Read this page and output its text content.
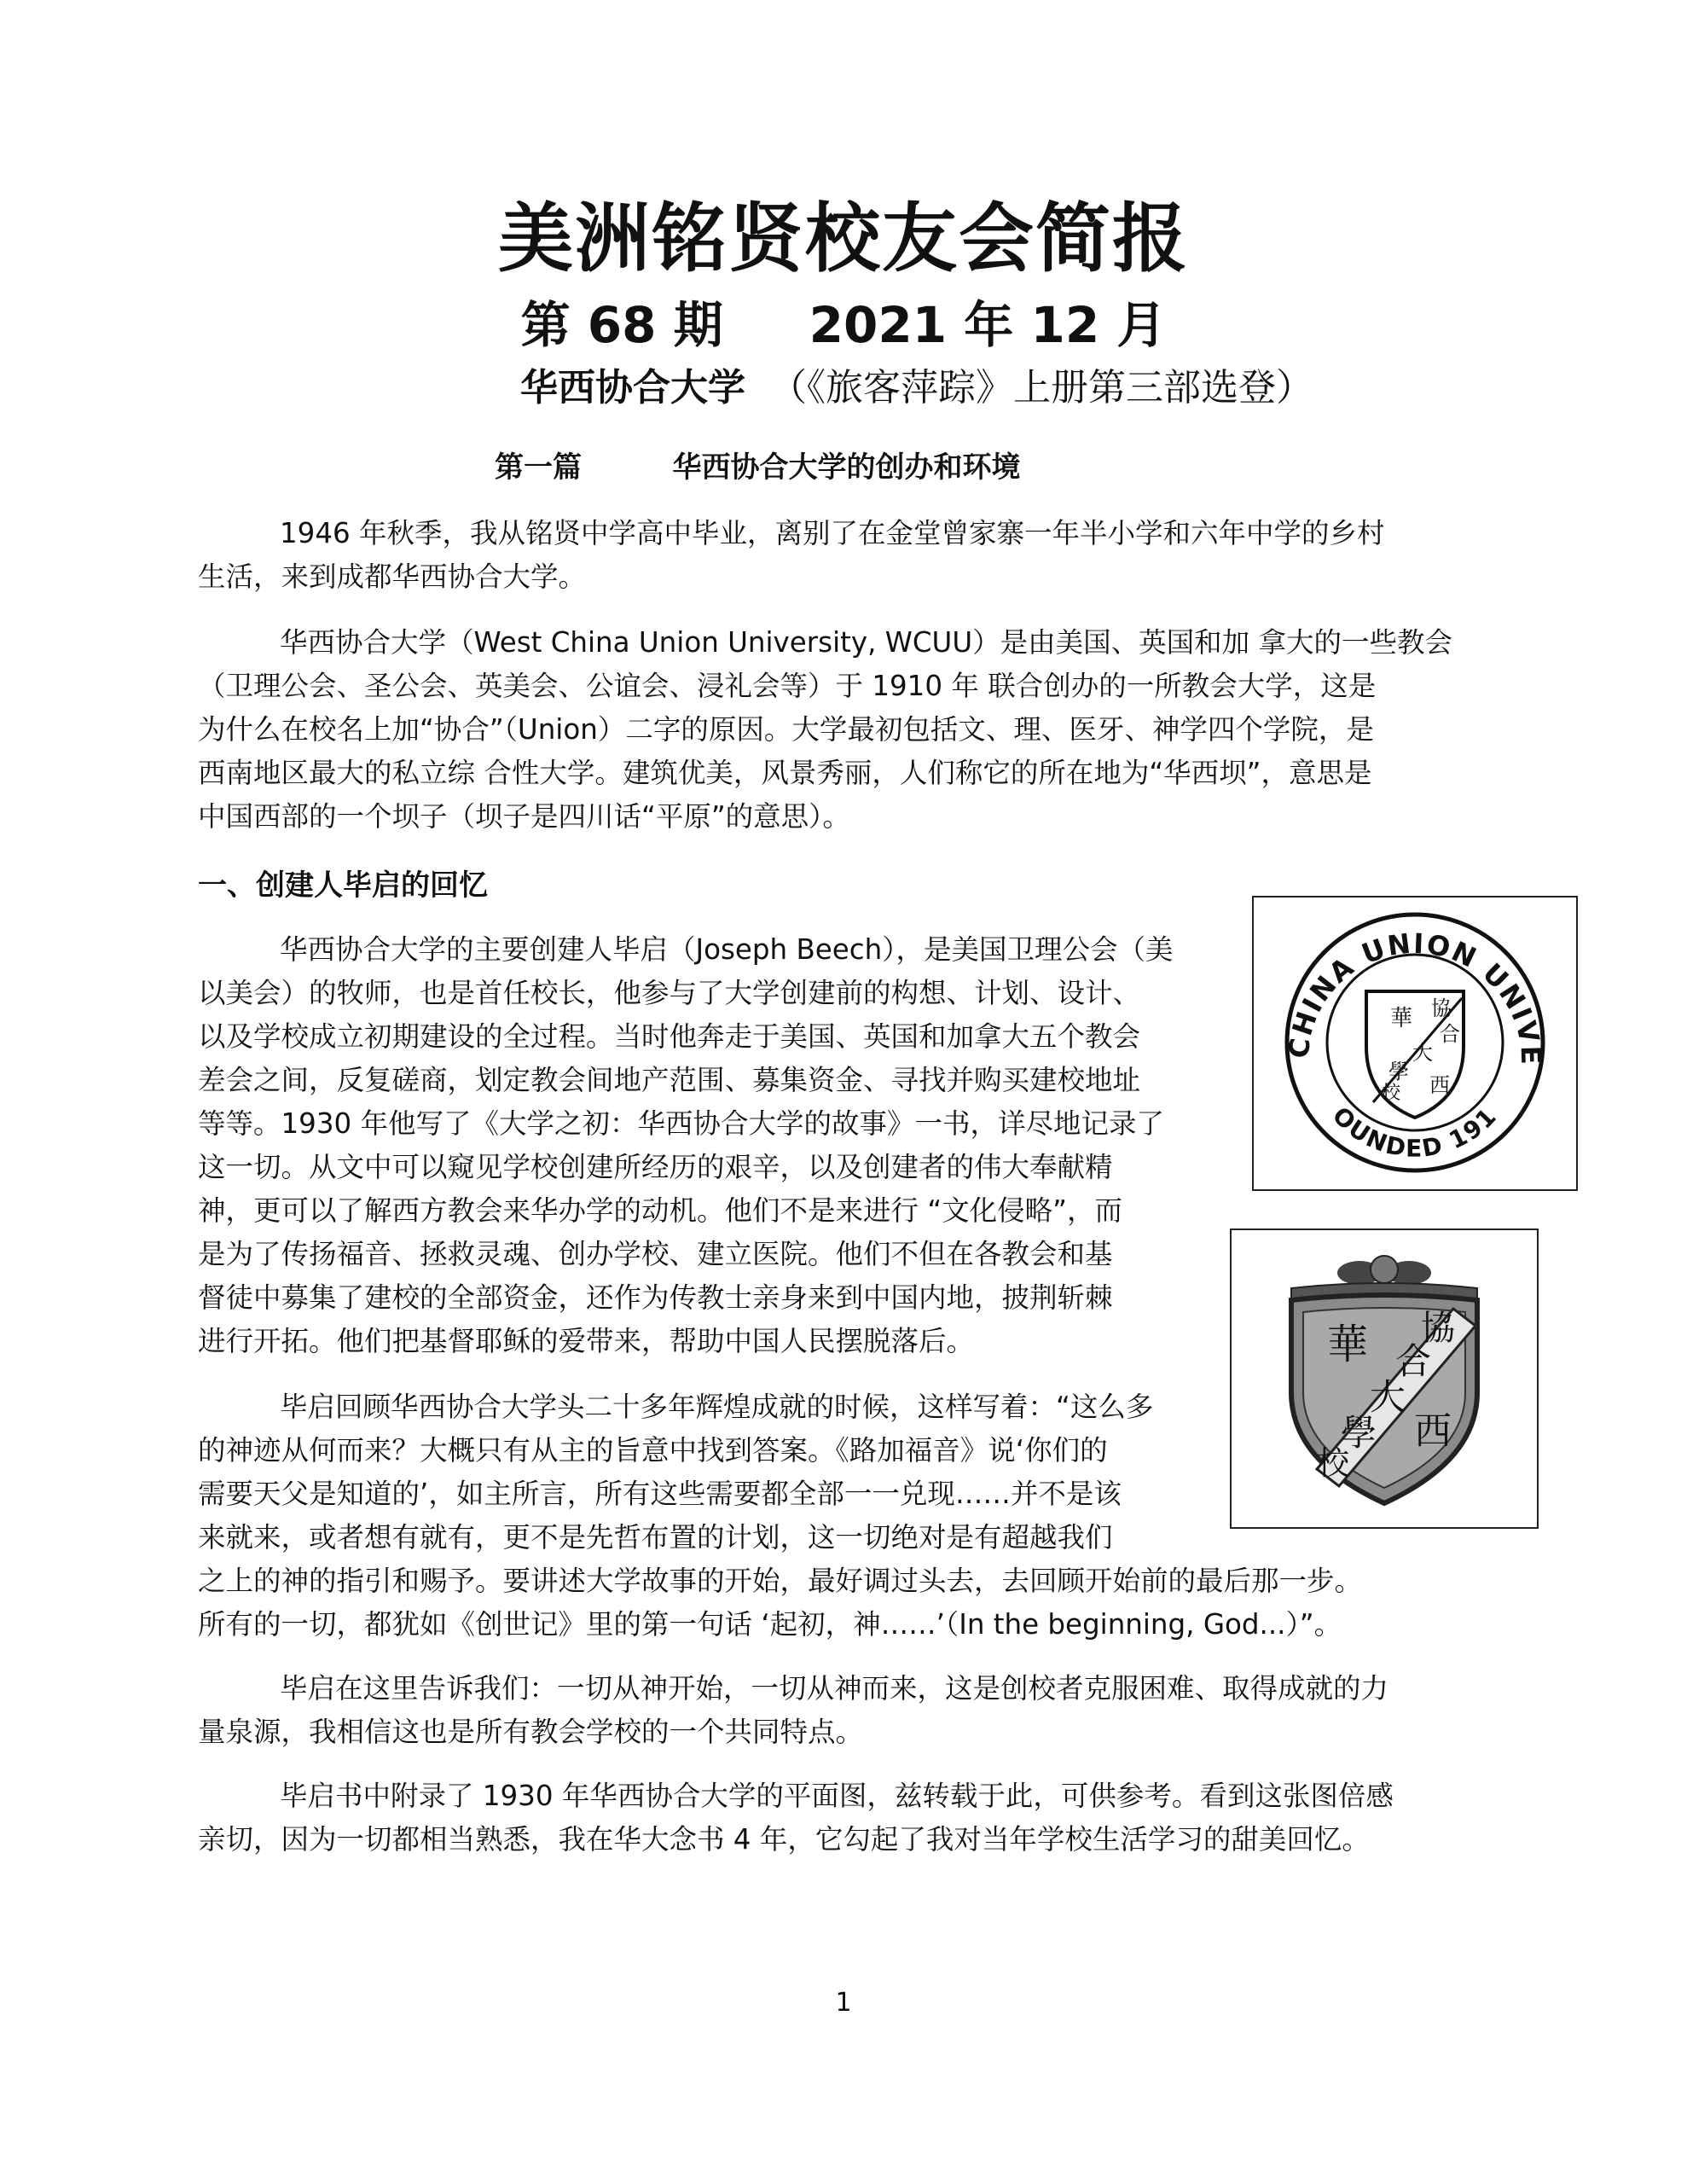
美洲铭贤校友会简报
第 68 期     2021 年 12 月
华西协合大学  （《旅客萍踪》上册第三部选登）
第一篇         华西协合大学的创办和环境
1946 年秋季，我从铭贤中学高中毕业，离别了在金堂曾家寨一年半小学和六年中学的乡村
生活，来到成都华西协合大学。
华西协合大学（West China Union University, WCUU）是由美国、英国和加 拿大的一些教会
（卫理公会、圣公会、英美会、公谊会、浸礼会等）于 1910 年 联合创办的一所教会大学，这是
为什么在校名上加“协合”（Union）二字的原因。大学最初包括文、理、医牙、神学四个学院，是
西南地区最大的私立综 合性大学。建筑优美，风景秀丽，人们称它的所在地为“华西坝”，意思是
中国西部的一个坝子（坝子是四川话“平原”的意思）。
一、创建人毕启的回忆
华西协合大学的主要创建人毕启（Joseph Beech），是美国卫理公会（美
以美会）的牧师，也是首任校长，他参与了大学创建前的构想、计划、设计、
以及学校成立初期建设的全过程。当时他奔走于美国、英国和加拿大五个教会
差会之间，反复磋商，划定教会间地产范围、募集资金、寻找并购买建校地址
等等。1930 年他写了《大学之初：华西协合大学的故事》一书，详尽地记录了
这一切。从文中可以窥见学校创建所经历的艰辛，以及创建者的伟大奉献精
神，更可以了解西方教会来华办学的动机。他们不是来进行 “文化侵略”，而
是为了传扬福音、拯救灵魂、创办学校、建立医院。他们不但在各教会和基
督徒中募集了建校的全部资金，还作为传教士亲身来到中国内地，披荆斩棘
进行开拓。他们把基督耶稣的爱带来，帮助中国人民摆脱落后。
毕启回顾华西协合大学头二十多年辉煌成就的时候，这样写着：“这么多
的神迹从何而来？大概只有从主的旨意中找到答案。《路加福音》说‘你们的
需要天父是知道的’，如主所言，所有这些需要都全部一一兑现……并不是该
来就来，或者想有就有，更不是先哲布置的计划，这一切绝对是有超越我们
之上的神的指引和赐予。要讲述大学故事的开始，最好调过头去，去回顾开始前的最后那一步。
所有的一切，都犹如《创世记》里的第一句话 ‘起初，神……’（In the beginning, God...）”。
毕启在这里告诉我们：一切从神开始，一切从神而来，这是创校者克服困难、取得成就的力
量泉源，我相信这也是所有教会学校的一个共同特点。
毕启书中附录了 1930 年华西协合大学的平面图，兹转载于此，可供参考。看到这张图倍感
亲切，因为一切都相当熟悉，我在华大念书 4 年，它勾起了我对当年学校生活学习的甜美回忆。
CHINA UNION UNIVE
OUNDED 191
華 協
合
大
學
校 西
華 協
合
大
學
校
西
1
